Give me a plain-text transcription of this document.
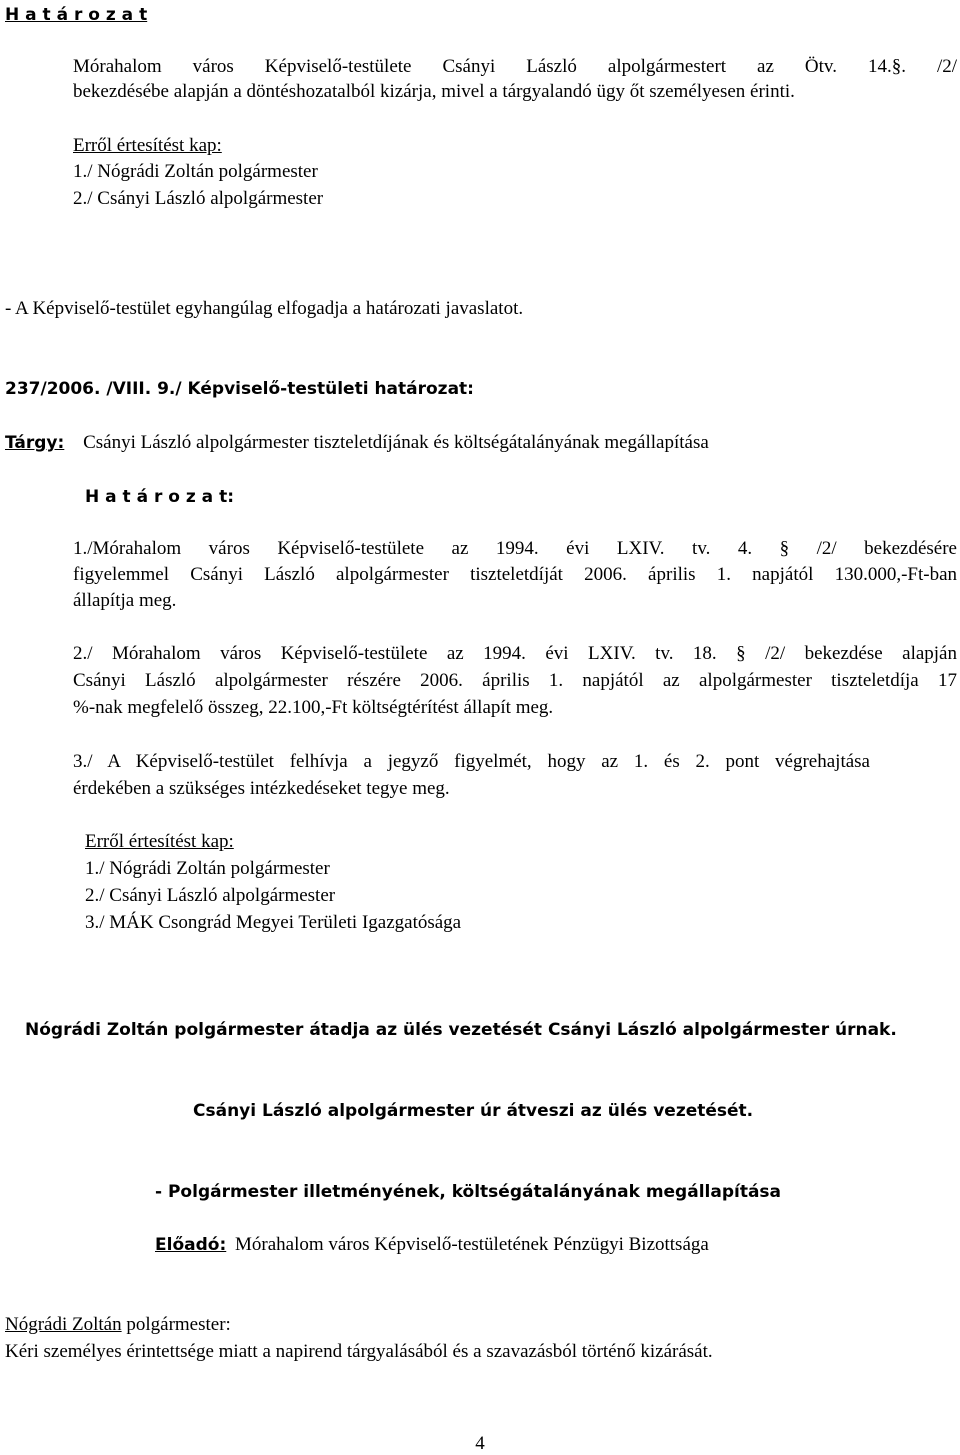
H a t á r o z a t
Mórahalom város Képviselő-testülete Csányi László alpolgármestert az Ötv. 14.§. /2/
bekezdésébe alapján a döntéshozatalból kizárja, mivel a tárgyalandó ügy őt személyesen érinti.
Erről értesítést kap:
1./ Nógrádi Zoltán polgármester
2./ Csányi László alpolgármester
- A Képviselő-testület egyhangúlag elfogadja a határozati javaslatot.
237/2006. /VIII. 9./ Képviselő-testületi határozat:
Tárgy: Csányi László alpolgármester tiszteletdíjának és költségátalányának megállapítása
H a t á r o z a t:
1./Mórahalom város Képviselő-testülete az 1994. évi LXIV. tv. 4. § /2/ bekezdésére
figyelemmel Csányi László alpolgármester tiszteletdíját 2006. április 1. napjától 130.000,-Ft-ban
állapítja meg.
2./ Mórahalom város Képviselő-testülete az 1994. évi LXIV. tv. 18. § /2/ bekezdése alapján
Csányi László alpolgármester részére 2006. április 1. napjától az alpolgármester tiszteletdíja 17
%-nak megfelelő összeg, 22.100,-Ft költségtérítést állapít meg.
3./ A Képviselő-testület felhívja a jegyző figyelmét, hogy az 1. és 2. pont végrehajtása
érdekében a szükséges intézkedéseket tegye meg.
Erről értesítést kap:
1./ Nógrádi Zoltán polgármester
2./ Csányi László alpolgármester
3./ MÁK Csongrád Megyei Területi Igazgatósága
Nógrádi Zoltán polgármester átadja az ülés vezetését Csányi László alpolgármester úrnak.
Csányi László alpolgármester úr átveszi az ülés vezetését.
- Polgármester illetményének, költségátalányának megállapítása
Előadó: Mórahalom város Képviselő-testületének Pénzügyi Bizottsága
Nógrádi Zoltán polgármester:
Kéri személyes érintettsége miatt a napirend tárgyalásából és a szavazásból történő kizárását.
4
